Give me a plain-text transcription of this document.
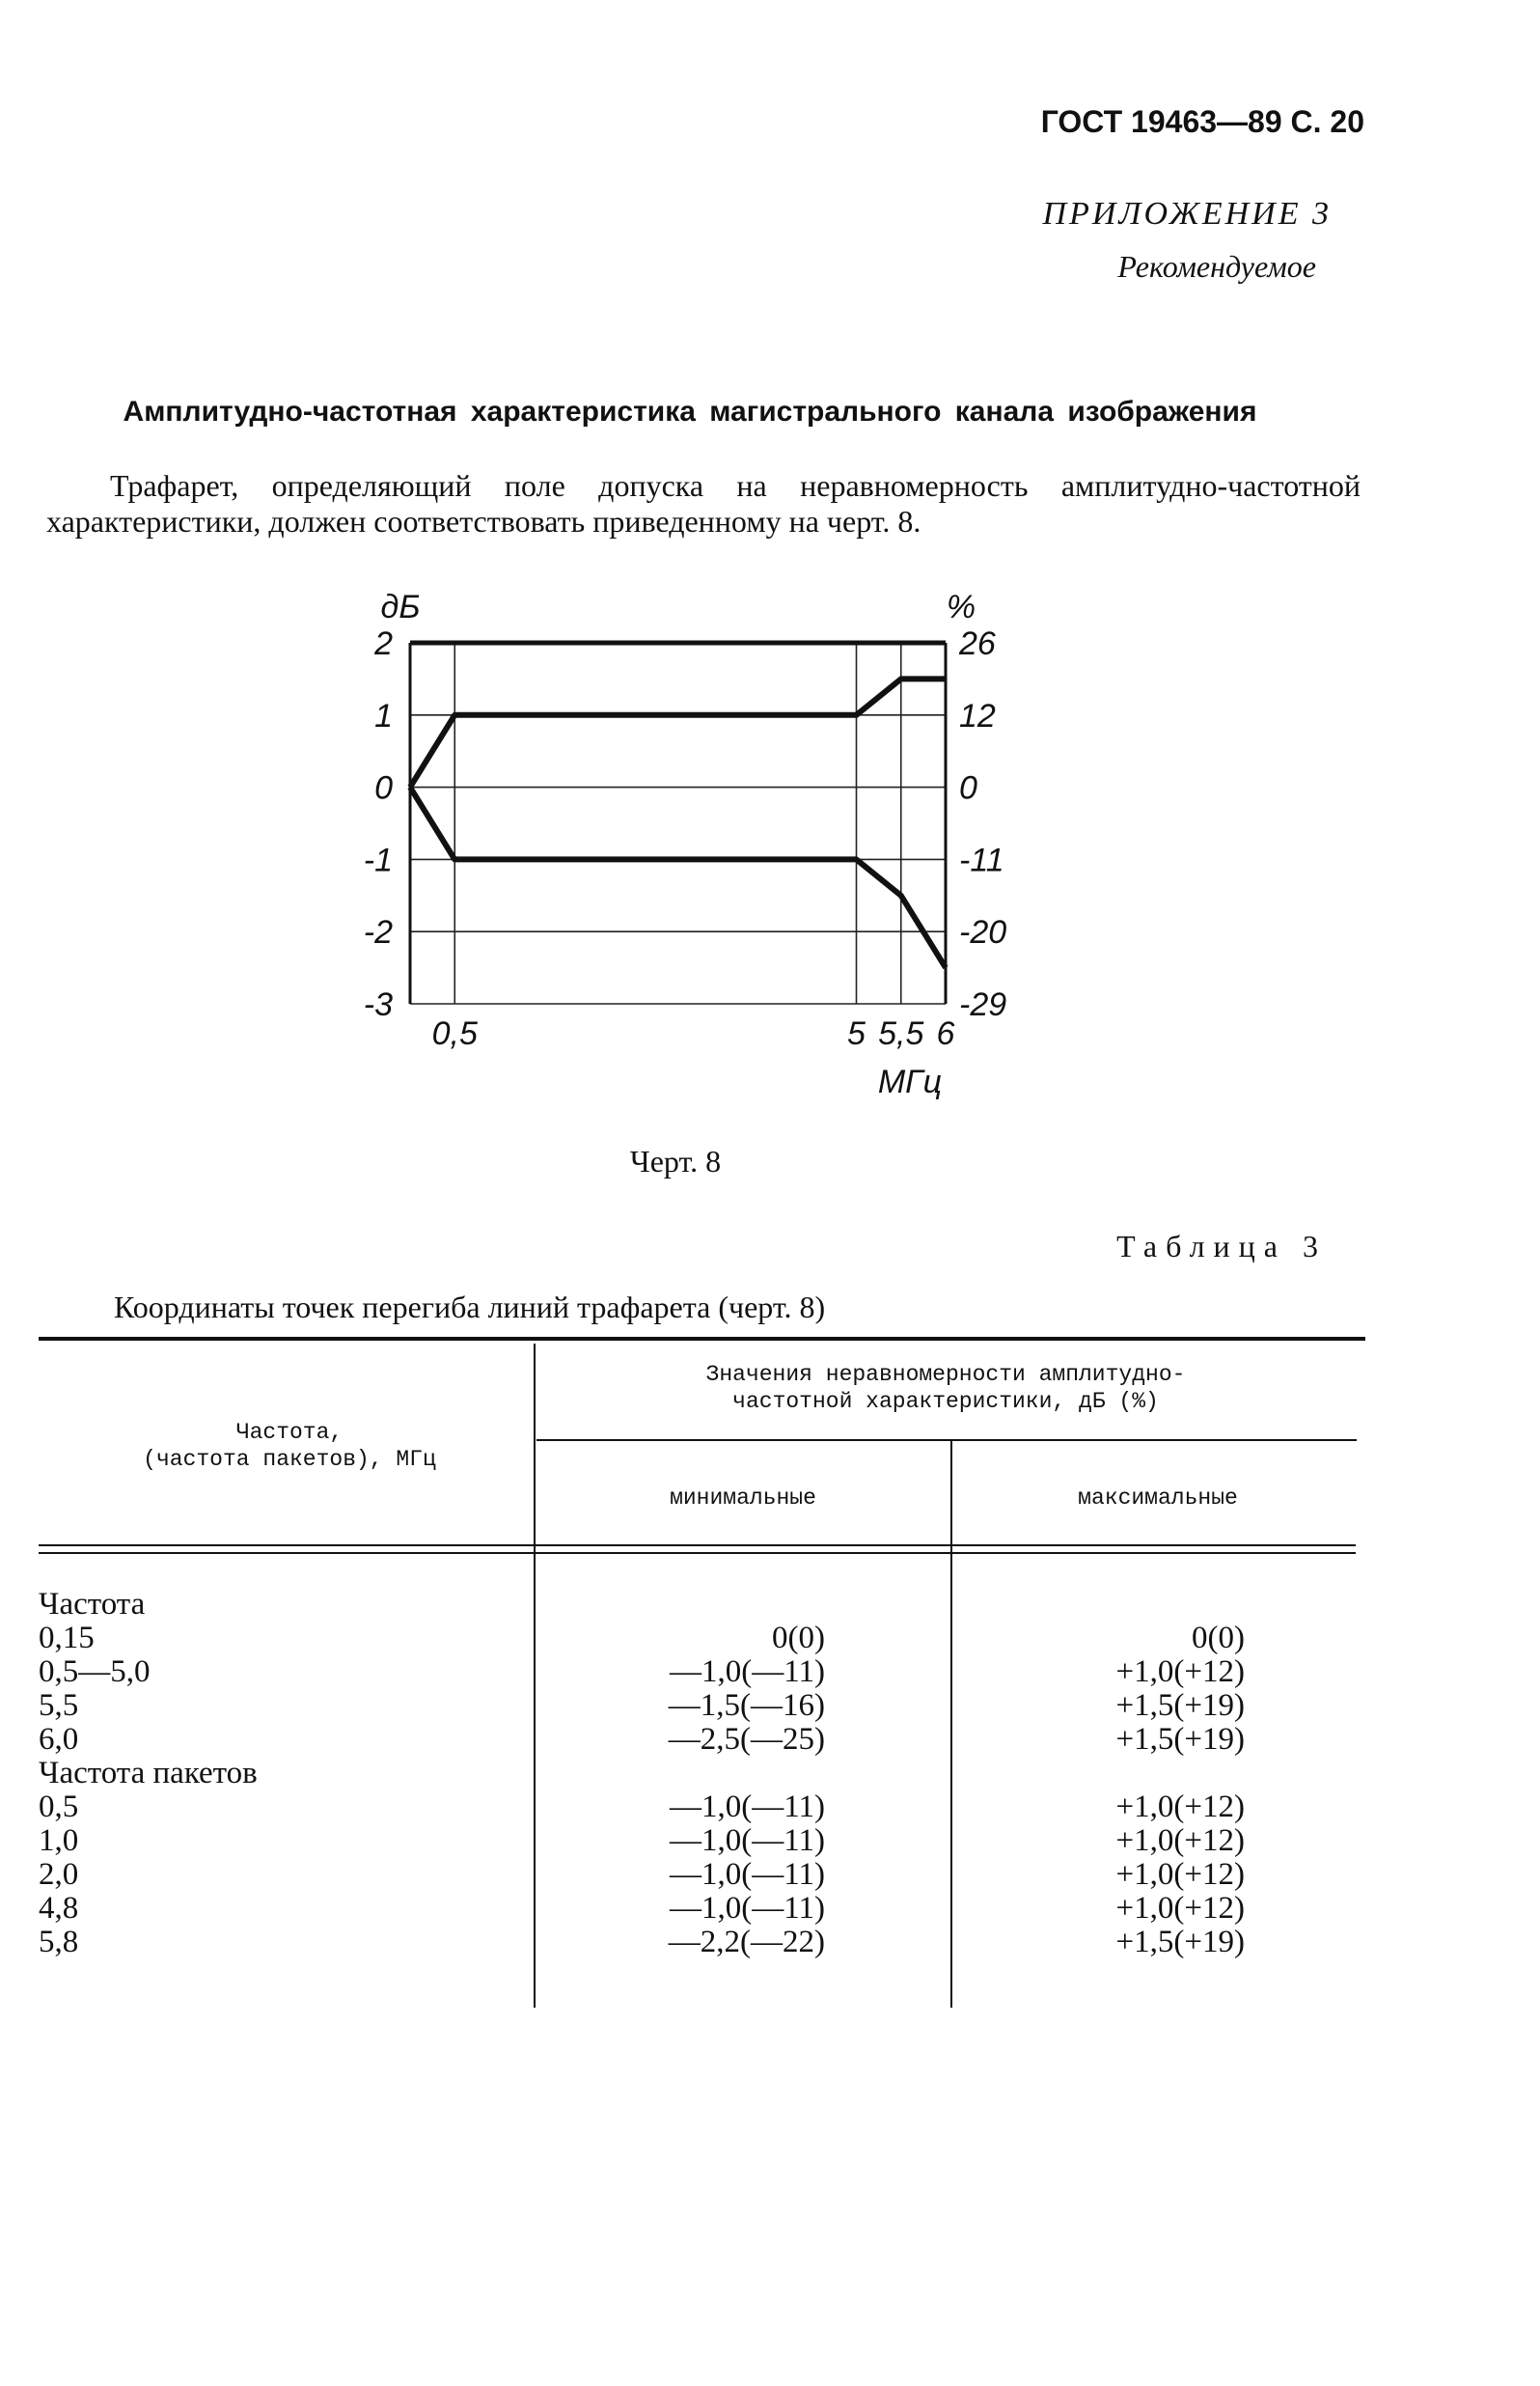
ГОСТ 19463—89 С. 20
ПРИЛОЖЕНИЕ 3
Рекомендуемое
Амплитудно-частотная характеристика магистрального канала изображения
Трафарет, определяющий поле допуска на неравномерность амплитудно-частотной характеристики, должен соответствовать приведенному на черт. 8.
2
1
0
-1
-2
-3
26
12
0
-11
-20
-29
0,5	5 5,5 6
дБ	%
МГц
Черт. 8
Таблица 3
Координаты точек перегиба линий трафарета (черт. 8)
Частота,
(частота пакетов), МГц
Значения неравномерности амплитудно-
частотной характеристики, дБ (%)
минимальные	максимальные
Частота
0,15	0(0)	0(0)
0,5—5,0	—1,0(—11)	+1,0(+12)
5,5	—1,5(—16)	+1,5(+19)
6,0	—2,5(—25)	+1,5(+19)
Частота пакетов
0,5	—1,0(—11)	+1,0(+12)
1,0	—1,0(—11)	+1,0(+12)
2,0	—1,0(—11)	+1,0(+12)
4,8	—1,0(—11)	+1,0(+12)
5,8	—2,2(—22)	+1,5(+19)
